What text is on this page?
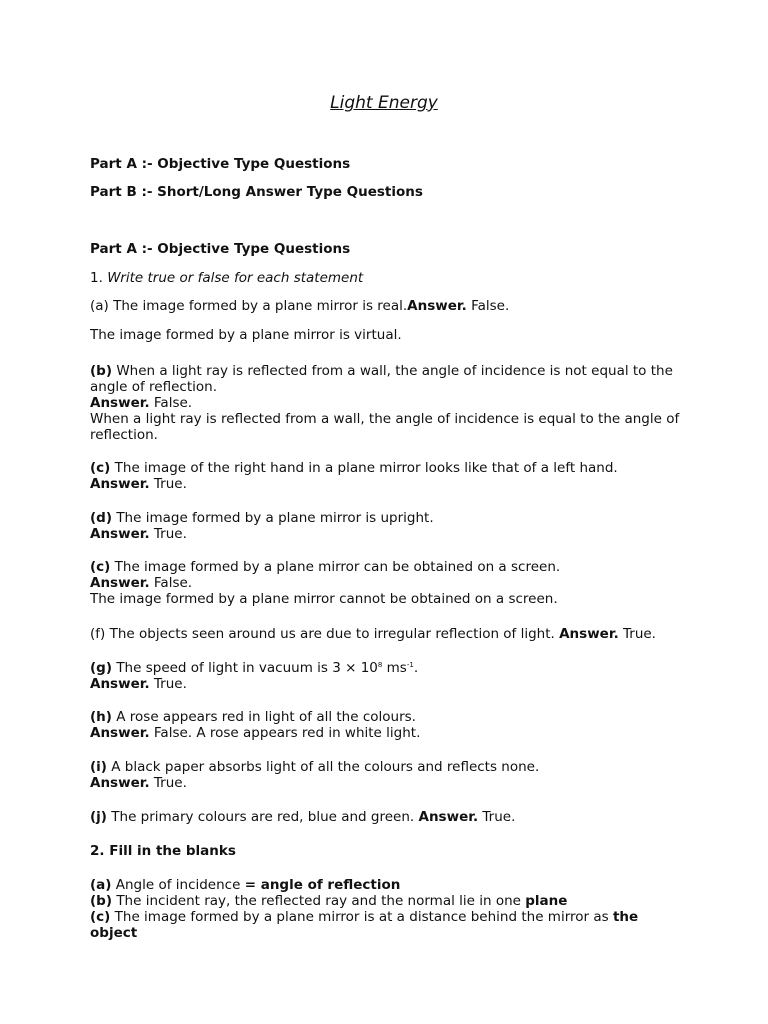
Light Energy
Part A :- Objective Type Questions
Part B :- Short/Long Answer Type Questions
Part A :- Objective Type Questions
1. Write true or false for each statement
(a) The image formed by a plane mirror is real.Answer. False.
The image formed by a plane mirror is virtual.
(b) When a light ray is reflected from a wall, the angle of incidence is not equal to the angle of reflection.
Answer. False.
When a light ray is reflected from a wall, the angle of incidence is equal to the angle of reflection.
(c) The image of the right hand in a plane mirror looks like that of a left hand.
Answer. True.
(d) The image formed by a plane mirror is upright.
Answer. True.
(c) The image formed by a plane mirror can be obtained on a screen.
Answer. False.
The image formed by a plane mirror cannot be obtained on a screen.
(f) The objects seen around us are due to irregular reflection of light. Answer. True.
(g) The speed of light in vacuum is $3 \times 10^8$ $ms^{-1}$.
Answer. True.
(h) A rose appears red in light of all the colours.
Answer. False. A rose appears red in white light.
(i) A black paper absorbs light of all the colours and reflects none.
Answer. True.
(j) The primary colours are red, blue and green. Answer. True.
2. Fill in the blanks
(a) Angle of incidence = angle of reflection
(b) The incident ray, the reflected ray and the normal lie in one plane
(c) The image formed by a plane mirror is at a distance behind the mirror as the object
